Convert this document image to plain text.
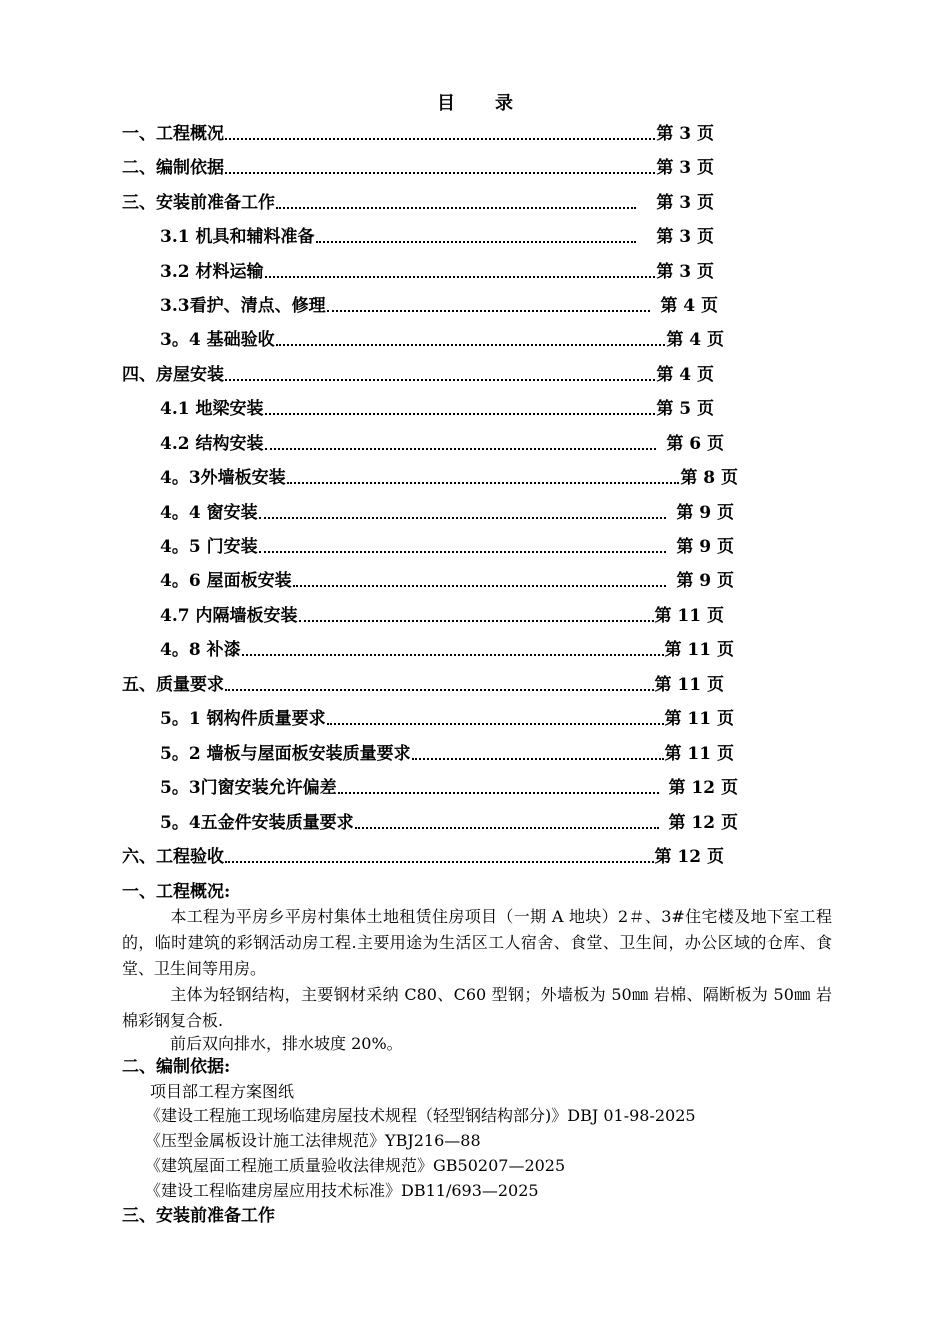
目 录
一、工程概况	第 3 页
二、编制依据	第 3 页
三、安装前准备工作	第 3 页
3.1 机具和辅料准备	第 3 页
3.2 材料运输	第 3 页
3.3看护、清点、修理	第 4 页
3。4 基础验收	第 4 页
四、房屋安装	第 4 页
4.1 地梁安装	第 5 页
4.2 结构安装	第 6 页
4。3外墙板安装	第 8 页
4。4 窗安装	第 9 页
4。5 门安装	第 9 页
4。6 屋面板安装	第 9 页
4.7 内隔墙板安装	第 11 页
4。8 补漆	第 11 页
五、质量要求	第 11 页
5。1 钢构件质量要求	第 11 页
5。2 墙板与屋面板安装质量要求	第 11 页
5。3门窗安装允许偏差	第 12 页
5。4五金件安装质量要求	第 12 页
六、工程验收	第 12 页
一、工程概况:
本工程为平房乡平房村集体土地租赁住房项目（一期 A 地块）2＃、3#住宅楼及地下室工程的，临时建筑的彩钢活动房工程.主要用途为生活区工人宿舍、食堂、卫生间，办公区域的仓库、食堂、卫生间等用房。
主体为轻钢结构，主要钢材采纳 C80、C60 型钢；外墙板为 50㎜ 岩棉、隔断板为 50㎜ 岩棉彩钢复合板.
前后双向排水，排水坡度 20%。
二、编制依据:
项目部工程方案图纸
《建设工程施工现场临建房屋技术规程（轻型钢结构部分)》DBJ 01-98-2025
《压型金属板设计施工法律规范》YBJ216—88
《建筑屋面工程施工质量验收法律规范》GB50207—2025
《建设工程临建房屋应用技术标准》DB11/693—2025
三、安装前准备工作
